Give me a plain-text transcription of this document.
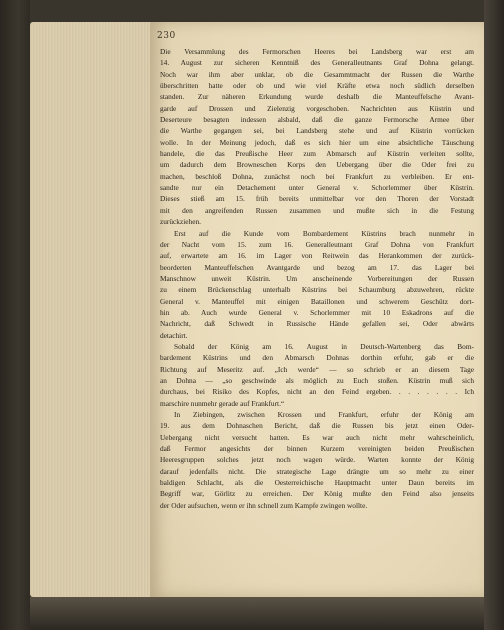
230
Die Versammlung des Fermorschen Heeres bei Landsberg war erst am
14. August zur sicheren Kenntniß des Generalleutnants Graf Dohna gelangt.
Noch war ihm aber unklar, ob die Gesammtmacht der Russen die Warthe
überschritten hatte oder ob und wie viel Kräfte etwa noch südlich derselben
standen. Zur näheren Erkundung wurde deshalb die Manteuffelsche Avant-
garde auf Drossen und Zielenzig vorgeschoben. Nachrichten aus Küstrin und
Deserteure besagten indessen alsbald, daß die ganze Fermorsche Armee über
die Warthe gegangen sei, bei Landsberg stehe und auf Küstrin vorrücken
wolle. In der Meinung jedoch, daß es sich hier um eine absichtliche Täuschung
handele, die das Preußische Heer zum Abmarsch auf Küstrin verleiten sollte,
um dadurch dem Browneschen Korps den Uebergang über die Oder frei zu
machen, beschloß Dohna, zunächst noch bei Frankfurt zu verbleiben. Er ent-
sandte nur ein Detachement unter General v. Schorlemmer über Küstrin.
Dieses stieß am 15. früh bereits unmittelbar vor den Thoren der Vorstadt
mit den angreifenden Russen zusammen und mußte sich in die Festung
zurückziehen.
Erst auf die Kunde vom Bombardement Küstrins brach nunmehr in
der Nacht vom 15. zum 16. Generalleutnant Graf Dohna von Frankfurt
auf, erwartete am 16. im Lager von Reitwein das Herankommen der zurück-
beorderten Manteuffelschen Avantgarde und bezog am 17. das Lager bei
Manschnow unweit Küstrin. Um anscheinende Vorbereitungen der Russen
zu einem Brückenschlag unterhalb Küstrins bei Schaumburg abzuwehren, rückte
General v. Manteuffel mit einigen Bataillonen und schwerem Geschütz dort-
hin ab. Auch wurde General v. Schorlemmer mit 10 Eskadrons auf die
Nachricht, daß Schwedt in Russische Hände gefallen sei, Oder abwärts
detachirt.
Sobald der König am 16. August in Deutsch-Wartenberg das Bom-
bardement Küstrins und den Abmarsch Dohnas dorthin erfuhr, gab er die
Richtung auf Meseritz auf. „Ich werde“ — so schrieb er an diesem Tage
an Dohna — „so geschwinde als möglich zu Euch stoßen. Küstrin muß sich
durchaus, bei Risiko des Kopfes, nicht an den Feind ergeben. . . . . . . . Ich
marschire nunmehr gerade auf Frankfurt.“
In Ziebingen, zwischen Krossen und Frankfurt, erfuhr der König am
19. aus dem Dohnaschen Bericht, daß die Russen bis jetzt einen Oder-
Uebergang nicht versucht hatten. Es war auch nicht mehr wahrscheinlich,
daß Fermor angesichts der binnen Kurzem vereinigten beiden Preußischen
Heeresgruppen solches jetzt noch wagen würde. Warten konnte der König
darauf jedenfalls nicht. Die strategische Lage drängte um so mehr zu einer
baldigen Schlacht, als die Oesterreichische Hauptmacht unter Daun bereits im
Begriff war, Görlitz zu erreichen. Der König mußte den Feind also jenseits
der Oder aufsuchen, wenn er ihn schnell zum Kampfe zwingen wollte.
